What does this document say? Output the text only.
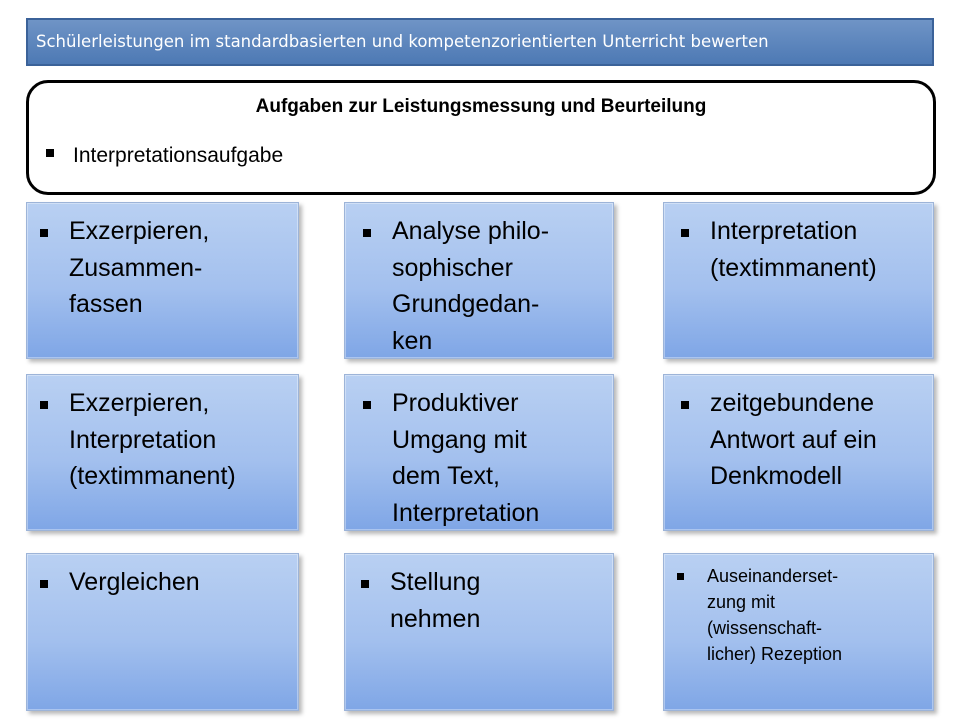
Schülerleistungen im standardbasierten und kompetenzorientierten Unterricht bewerten
Aufgaben zur Leistungsmessung und Beurteilung
Interpretationsaufgabe
Exzerpieren,
Zusammen-
fassen
Analyse philo-
sophischer
Grundgedan-
ken
Interpretation
(textimmanent)
Exzerpieren,
Interpretation
(textimmanent)
Produktiver
Umgang mit
dem Text,
Interpretation
zeitgebundene
Antwort auf ein
Denkmodell
Vergleichen	Stellung
nehmen
Auseinanderset-
zung mit
(wissenschaft-
licher) Rezeption
